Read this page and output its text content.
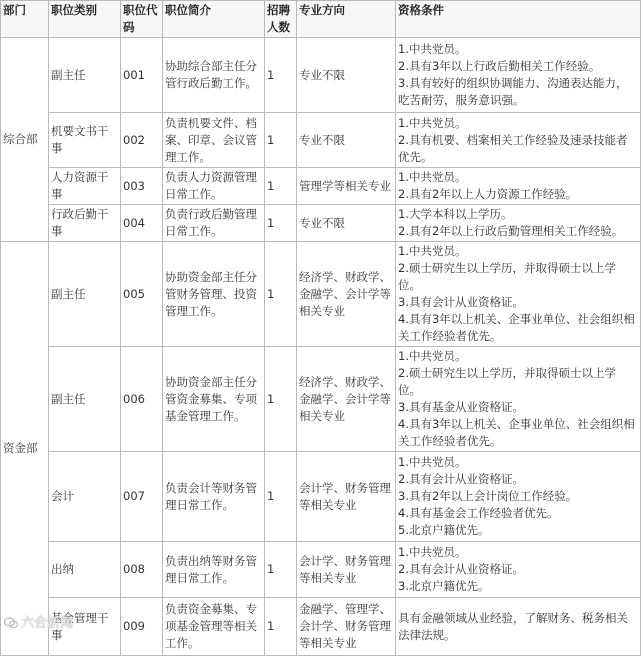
部门	职位类别	职位代码	职位简介	招聘人数	专业方向	资格条件
综合部	副主任	001	协助综合部主任分管行政后勤工作。	1	专业不限	1.中共党员。
2.具有3年以上行政后勤相关工作经验。
3.具有较好的组织协调能力、沟通表达能力，吃苦耐劳，服务意识强。

	机要文书干事	002	负责机要文件、档案、印章、会议管理工作。	1	专业不限	1.中共党员。
2.具有机要、档案相关工作经验及速录技能者优先。

	人力资源干事	003	负责人力资源管理日常工作。	1	管理学等相关专业	1.中共党员。
2.具有2年以上人力资源工作经验。

	行政后勤干事	004	负责行政后勤管理日常工作。	1	专业不限	1.大学本科以上学历。
2.具有2年以上行政后勤管理相关工作经验。

资金部	副主任	005	协助资金部主任分管财务管理、投资管理工作。	1	经济学、财政学、金融学、会计学等相关专业	1.中共党员。
2.硕士研究生以上学历，并取得硕士以上学位。
3.具有会计从业资格证。
4.具有3年以上机关、企事业单位、社会组织相关工作经验者优先。

	副主任	006	协助资金部主任分管资金募集、专项基金管理工作。	1	经济学、财政学、金融学、会计学等相关专业	1.中共党员。
2.硕士研究生以上学历，并取得硕士以上学位。
3.具有基金从业资格证。
4.具有3年以上机关、企事业单位、社会组织相关工作经验者优先。

	会计	007	负责会计等财务管理日常工作。	1	会计学、财务管理等相关专业	1.中共党员。
2.具有会计从业资格证。
3.具有2年以上会计岗位工作经验。
4.具有基金会工作经验者优先。
5.北京户籍优先。

	出纳	008	负责出纳等财务管理日常工作。	1	会计学、财务管理等相关专业	1.中共党员。
2.具有会计从业资格证。
3.北京户籍优先。

	基金管理干事	009	负责资金募集、专项基金管理等相关工作。	1	金融学、管理学、会计学、财务管理等相关专业	具有金融领域从业经验，了解财务、税务相关法律法规。
六合新闻
